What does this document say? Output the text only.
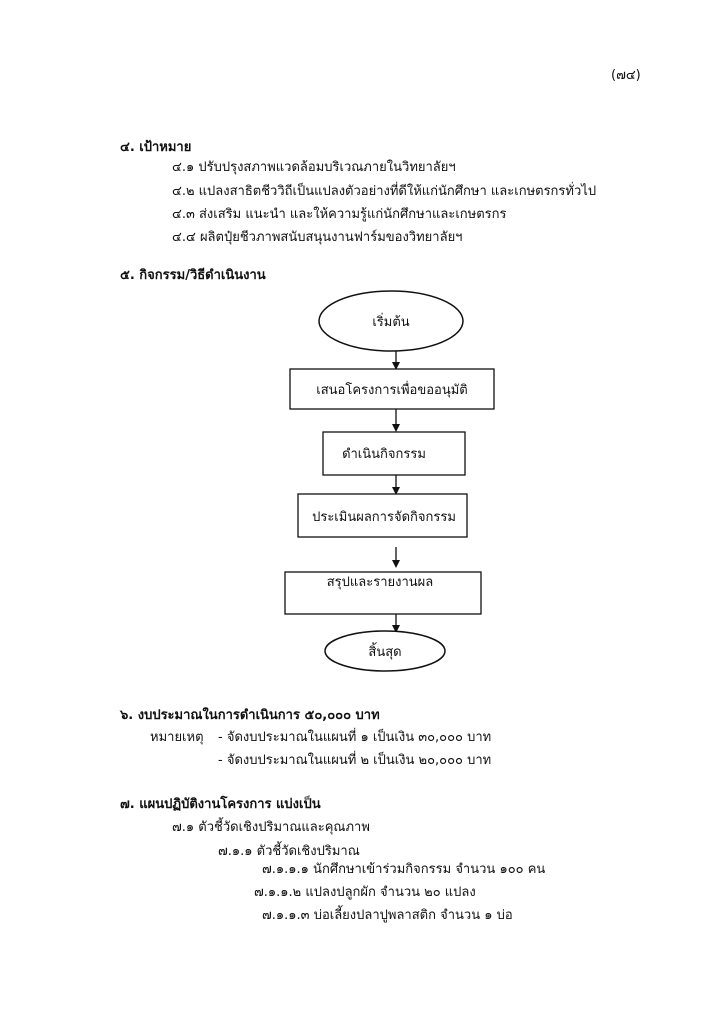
(๗๔)
๔. เป้าหมาย
๔.๑ ปรับปรุงสภาพแวดล้อมบริเวณภายในวิทยาลัยฯ
๔.๒ แปลงสาธิตชีววิถีเป็นแปลงตัวอย่างที่ดีให้แก่นักศึกษา และเกษตรกรทั่วไป
๔.๓ ส่งเสริม แนะนำ และให้ความรู้แก่นักศึกษาและเกษตรกร
๔.๔ ผลิตปุ๋ยชีวภาพสนับสนุนงานฟาร์มของวิทยาลัยฯ
๕. กิจกรรม/วิธีดำเนินงาน
เริ่มต้น
เสนอโครงการเพื่อขออนุมัติ
ดำเนินกิจกรรม
ประเมินผลการจัดกิจกรรม
สรุปและรายงานผล
สิ้นสุด
๖. งบประมาณในการดำเนินการ ๕๐,๐๐๐ บาท
หมายเหตุ - จัดงบประมาณในแผนที่ ๑ เป็นเงิน ๓๐,๐๐๐ บาท
- จัดงบประมาณในแผนที่ ๒ เป็นเงิน ๒๐,๐๐๐ บาท
๗. แผนปฏิบัติงานโครงการ แบ่งเป็น
๗.๑ ตัวชี้วัดเชิงปริมาณและคุณภาพ
๗.๑.๑ ตัวชี้วัดเชิงปริมาณ
๗.๑.๑.๑ นักศึกษาเข้าร่วมกิจกรรม จำนวน ๑๐๐ คน
๗.๑.๑.๒ แปลงปลูกผัก จำนวน ๒๐ แปลง
๗.๑.๑.๓ บ่อเลี้ยงปลาปูพลาสติก จำนวน ๑ บ่อ
